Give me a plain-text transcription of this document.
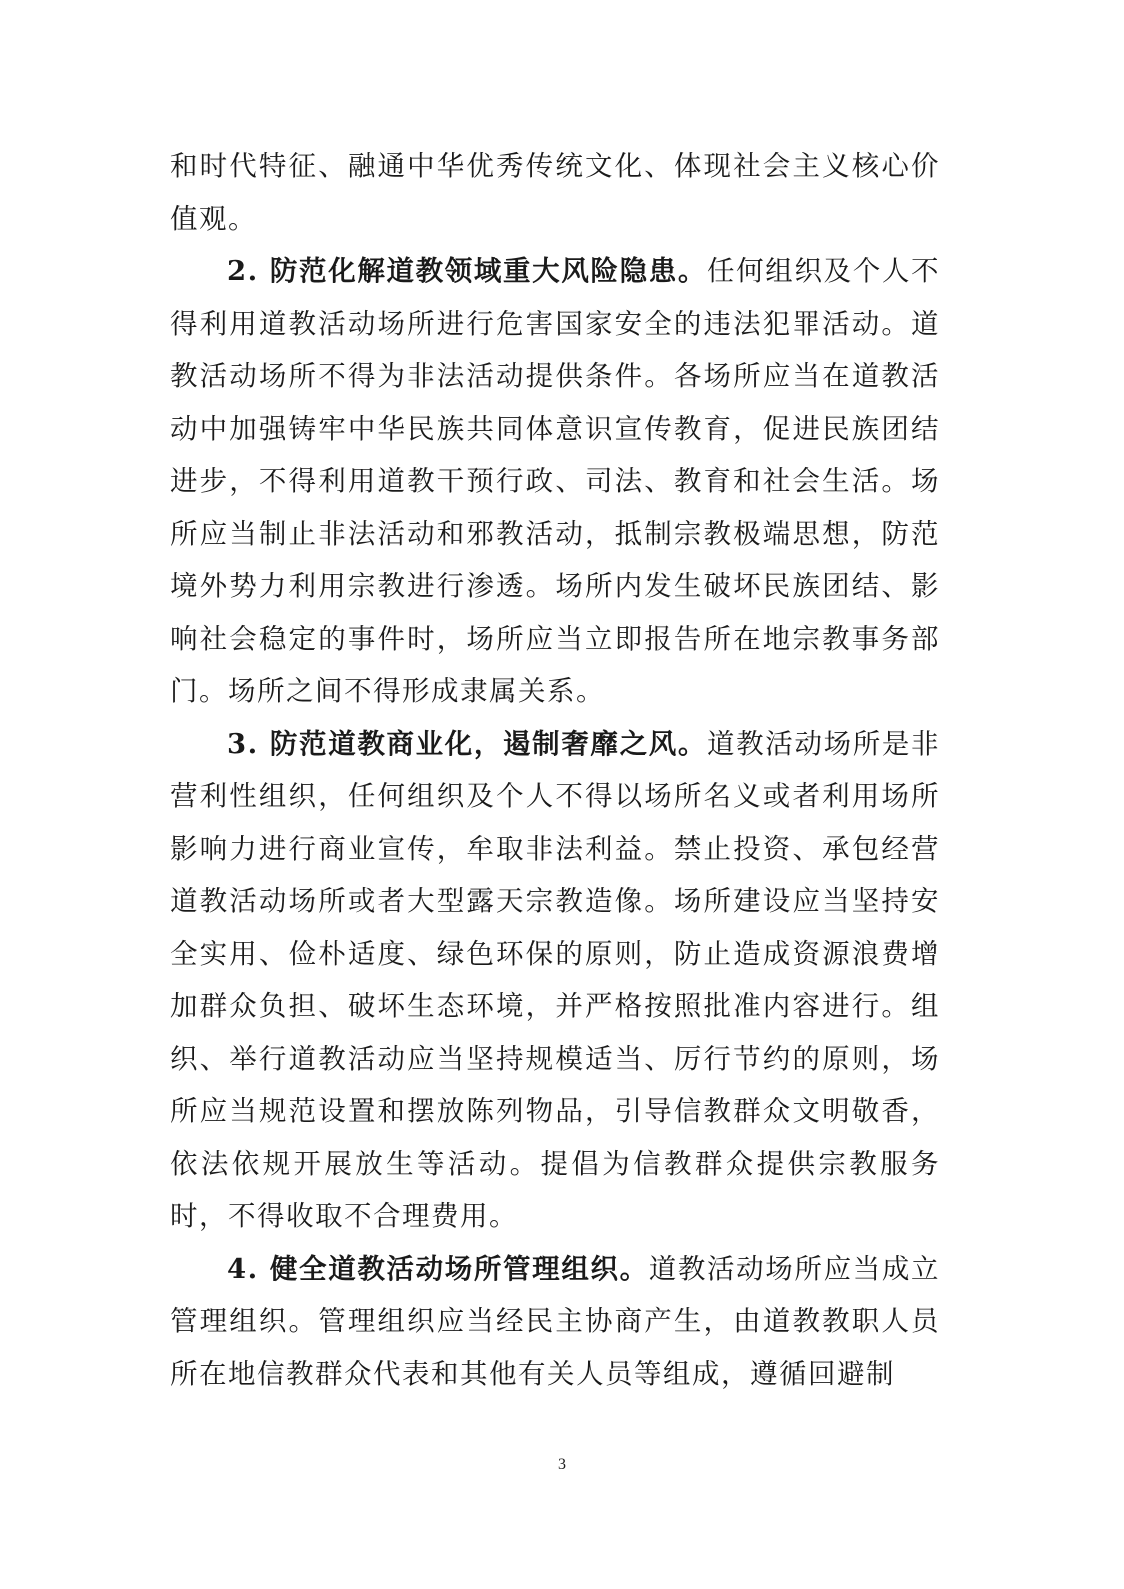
和时代特征、融通中华优秀传统文化、体现社会主义核心价值观。

2. 防范化解道教领域重大风险隐患。任何组织及个人不得利用道教活动场所进行危害国家安全的违法犯罪活动。道教活动场所不得为非法活动提供条件。各场所应当在道教活动中加强铸牢中华民族共同体意识宣传教育，促进民族团结进步，不得利用道教干预行政、司法、教育和社会生活。场所应当制止非法活动和邪教活动，抵制宗教极端思想，防范境外势力利用宗教进行渗透。场所内发生破坏民族团结、影响社会稳定的事件时，场所应当立即报告所在地宗教事务部门。场所之间不得形成隶属关系。

3. 防范道教商业化，遏制奢靡之风。道教活动场所是非营利性组织，任何组织及个人不得以场所名义或者利用场所影响力进行商业宣传，牟取非法利益。禁止投资、承包经营道教活动场所或者大型露天宗教造像。场所建设应当坚持安全实用、俭朴适度、绿色环保的原则，防止造成资源浪费增加群众负担、破坏生态环境，并严格按照批准内容进行。组织、举行道教活动应当坚持规模适当、厉行节约的原则，场所应当规范设置和摆放陈列物品，引导信教群众文明敬香，依法依规开展放生等活动。提倡为信教群众提供宗教服务时，不得收取不合理费用。

4. 健全道教活动场所管理组织。道教活动场所应当成立管理组织。管理组织应当经民主协商产生，由道教教职人员所在地信教群众代表和其他有关人员等组成，遵循回避制

3
